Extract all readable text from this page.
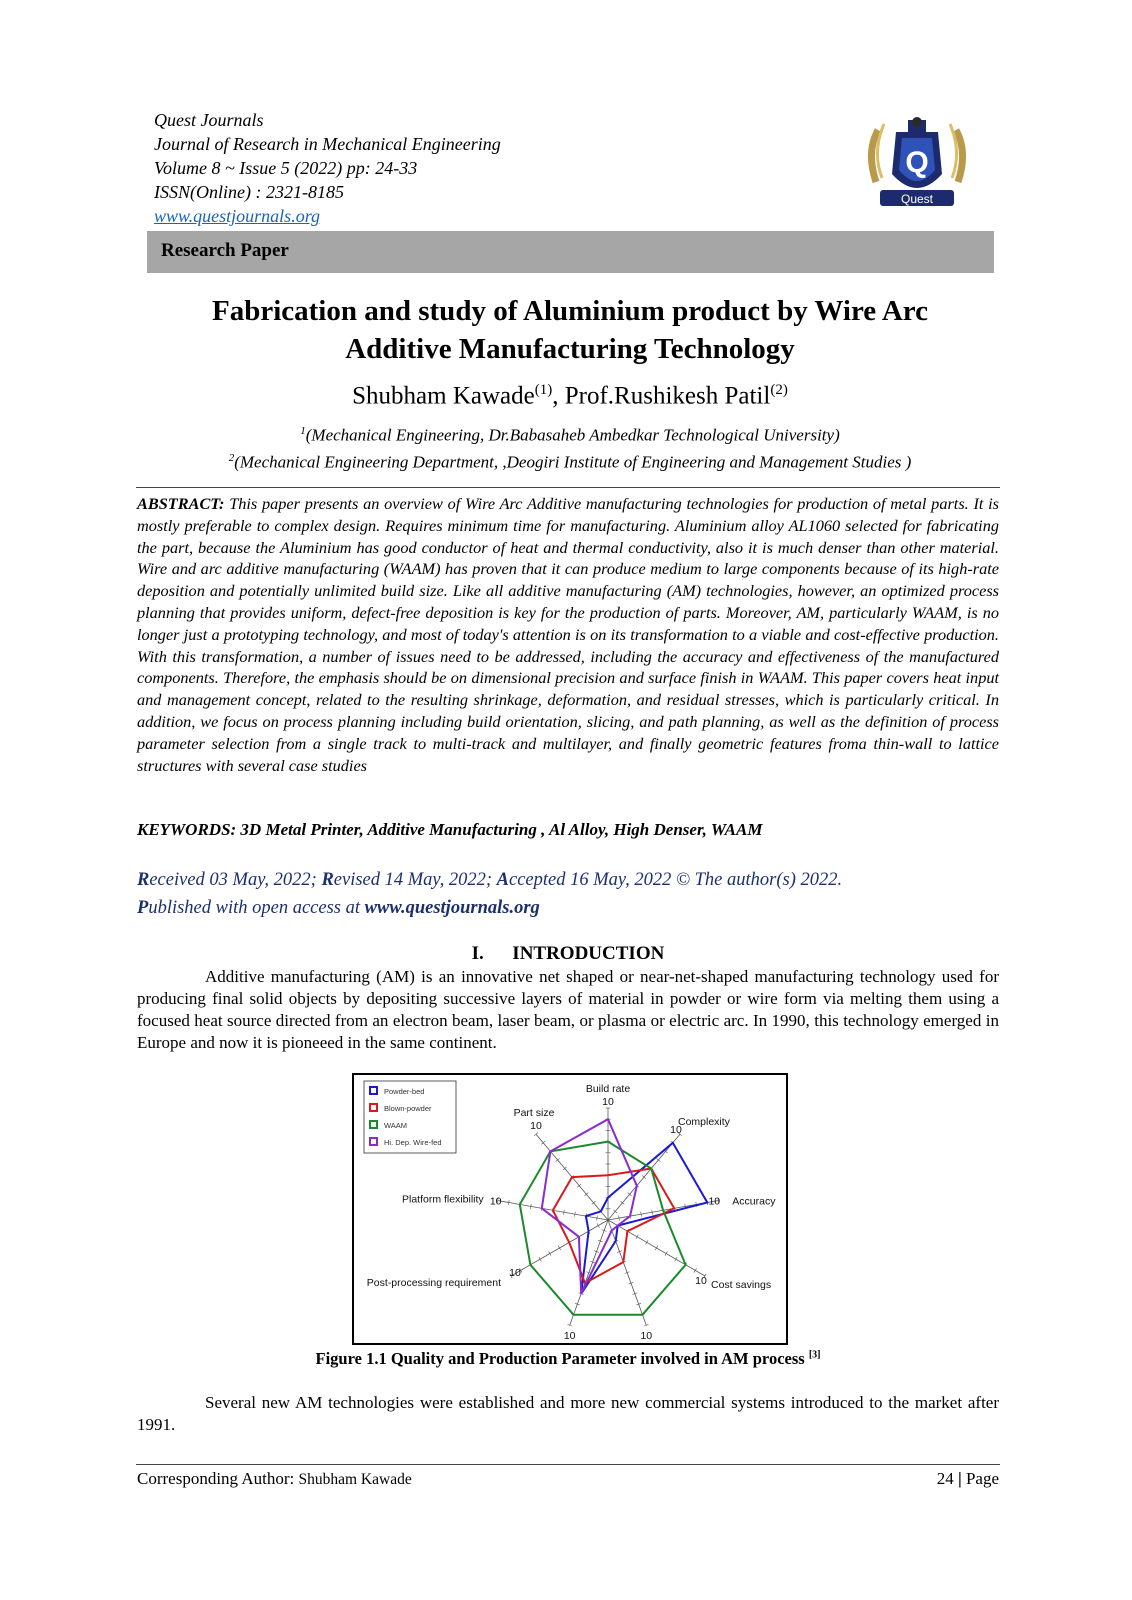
Quest Journals
Journal of Research in Mechanical Engineering
Volume 8 ~ Issue 5 (2022) pp: 24-33
ISSN(Online) : 2321-8185
www.questjournals.org
Q
Quest
Research Paper
Fabrication and study of Aluminium product by Wire Arc
Additive Manufacturing Technology
Shubham Kawade$^{(1)}$, Prof.Rushikesh Patil$^{(2)}$
$^1$(Mechanical Engineering, Dr.Babasaheb Ambedkar Technological University)
$^2$(Mechanical Engineering Department, ,Deogiri Institute of Engineering and Management Studies )
ABSTRACT: This paper presents an overview of Wire Arc Additive manufacturing technologies for production of metal parts. It is mostly preferable to complex design. Requires minimum time for manufacturing. Aluminium alloy AL1060 selected for fabricating the part, because the Aluminium has good conductor of heat and thermal conductivity, also it is much denser than other material. Wire and arc additive manufacturing (WAAM) has proven that it can produce medium to large components because of its high-rate deposition and potentially unlimited build size. Like all additive manufacturing (AM) technologies, however, an optimized process planning that provides uniform, defect-free deposition is key for the production of parts. Moreover, AM, particularly WAAM, is no longer just a prototyping technology, and most of today's attention is on its transformation to a viable and cost-effective production. With this transformation, a number of issues need to be addressed, including the accuracy and effectiveness of the manufactured components. Therefore, the emphasis should be on dimensional precision and surface finish in WAAM. This paper covers heat input and management concept, related to the resulting shrinkage, deformation, and residual stresses, which is particularly critical. In addition, we focus on process planning including build orientation, slicing, and path planning, as well as the definition of process parameter selection from a single track to multi-track and multilayer, and finally geometric features froma thin-wall to lattice structures with several case studies
KEYWORDS: 3D Metal Printer, Additive Manufacturing , Al Alloy, High Denser, WAAM
Received 03 May, 2022; Revised 14 May, 2022; Accepted 16 May, 2022 © The author(s) 2022.
Published with open access at www.questjournals.org
I.      INTRODUCTION
Additive manufacturing (AM) is an innovative net shaped or near-net-shaped manufacturing technology used for producing final solid objects by depositing successive layers of material in powder or wire form via melting them using a focused heat source directed from an electron beam, laser beam, or plasma or electric arc. In 1990, this technology emerged in Europe and now it is pioneeed in the same continent.
Build rate
10
Complexity
10
Accuracy
10
Cost savings
10
10
10
Post-processing requirement
10
Platform flexibility 10
Part size
10
Powder-bed
Blown-powder
WAAM
Hi. Dep. Wire-fed
Figure 1.1 Quality and Production Parameter involved in AM process [3]
Several new AM technologies were established and more new commercial systems introduced to the market after 1991.
Corresponding Author: Shubham Kawade	24 | Page
